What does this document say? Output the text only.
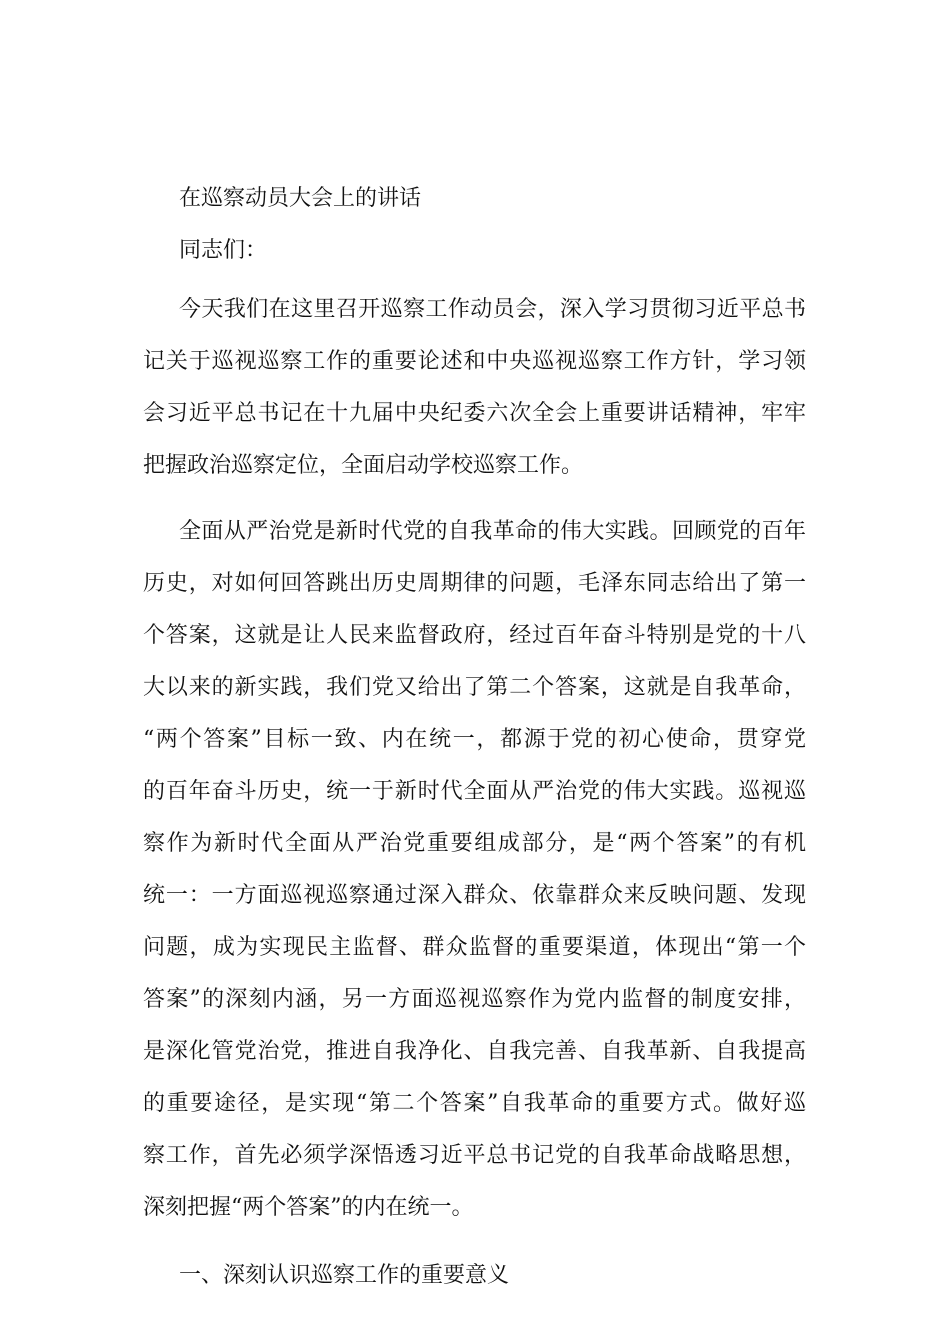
在巡察动员大会上的讲话

同志们：

今天我们在这里召开巡察工作动员会，深入学习贯彻习近平总书
记关于巡视巡察工作的重要论述和中央巡视巡察工作方针，学习领
会习近平总书记在十九届中央纪委六次全会上重要讲话精神，牢牢
把握政治巡察定位，全面启动学校巡察工作。
全面从严治党是新时代党的自我革命的伟大实践。回顾党的百年
历史，对如何回答跳出历史周期律的问题，毛泽东同志给出了第一
个答案，这就是让人民来监督政府，经过百年奋斗特别是党的十八
大以来的新实践，我们党又给出了第二个答案，这就是自我革命，
“两个答案”目标一致、内在统一，都源于党的初心使命，贯穿党
的百年奋斗历史，统一于新时代全面从严治党的伟大实践。巡视巡
察作为新时代全面从严治党重要组成部分，是“两个答案”的有机
统一：一方面巡视巡察通过深入群众、依靠群众来反映问题、发现
问题，成为实现民主监督、群众监督的重要渠道，体现出“第一个
答案”的深刻内涵，另一方面巡视巡察作为党内监督的制度安排，
是深化管党治党，推进自我净化、自我完善、自我革新、自我提高
的重要途径，是实现“第二个答案”自我革命的重要方式。做好巡
察工作，首先必须学深悟透习近平总书记党的自我革命战略思想，
深刻把握“两个答案”的内在统一。
一、深刻认识巡察工作的重要意义
